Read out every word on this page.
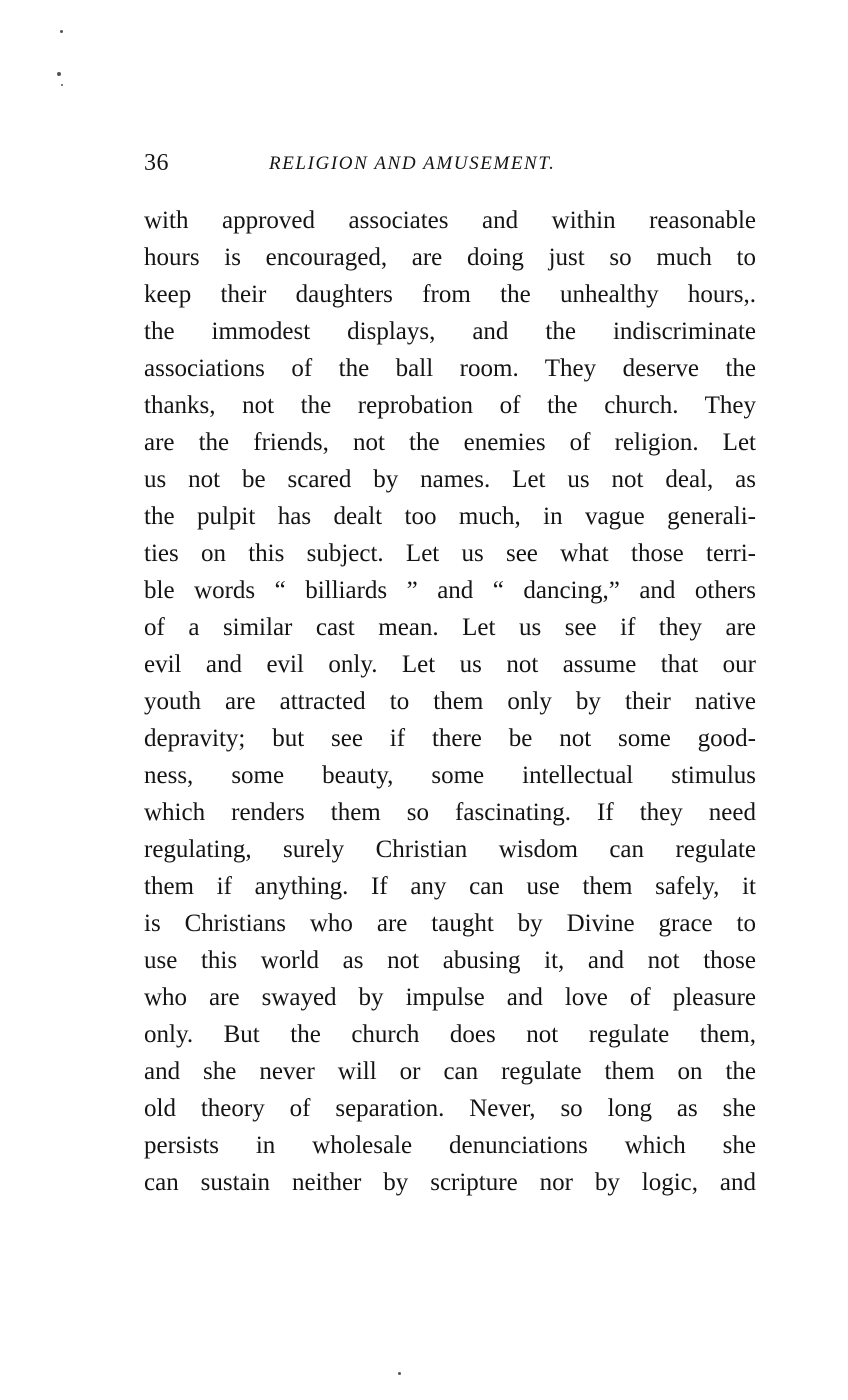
36	RELIGION AND AMUSEMENT.
with approved associates and within reasonable
hours is encouraged, are doing just so much to
keep their daughters from the unhealthy hours,.
the immodest displays, and the indiscriminate
associations of the ball room. They deserve the
thanks, not the reprobation of the church. They
are the friends, not the enemies of religion. Let
us not be scared by names. Let us not deal, as
the pulpit has dealt too much, in vague generali-
ties on this subject. Let us see what those terri-
ble words “ billiards ” and “ dancing,” and others
of a similar cast mean. Let us see if they are
evil and evil only. Let us not assume that our
youth are attracted to them only by their native
depravity; but see if there be not some good-
ness, some beauty, some intellectual stimulus
which renders them so fascinating. If they need
regulating, surely Christian wisdom can regulate
them if anything. If any can use them safely, it
is Christians who are taught by Divine grace to
use this world as not abusing it, and not those
who are swayed by impulse and love of pleasure
only. But the church does not regulate them,
and she never will or can regulate them on the
old theory of separation. Never, so long as she
persists in wholesale denunciations which she
can sustain neither by scripture nor by logic, and
